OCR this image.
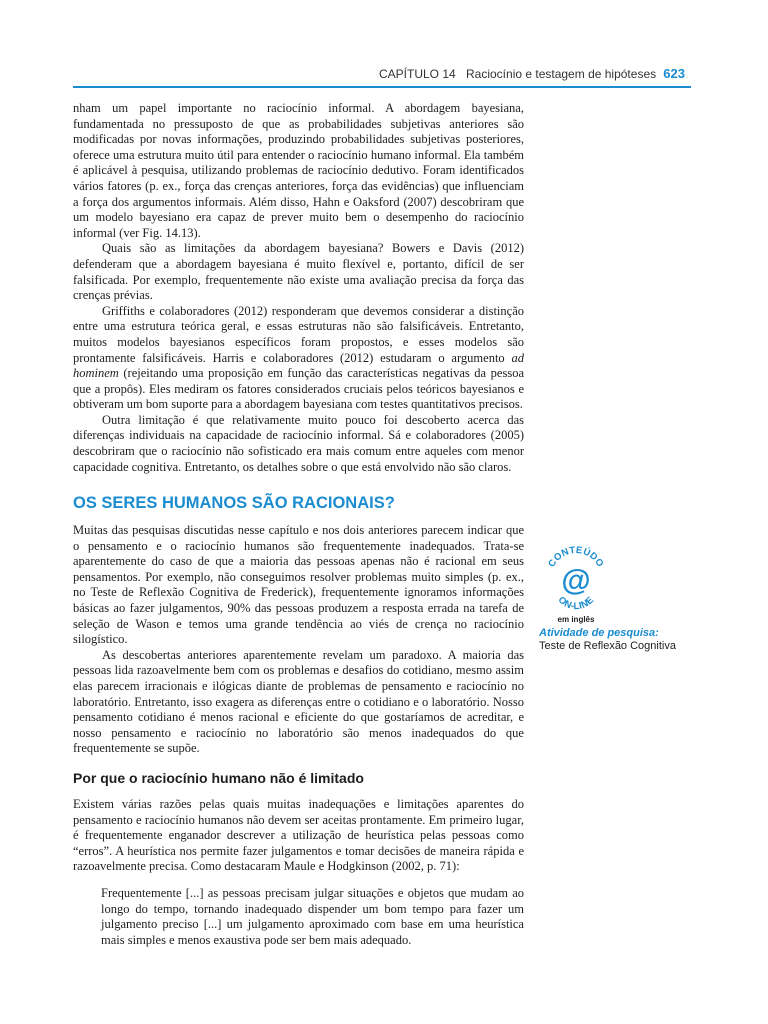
CAPÍTULO 14 Raciocínio e testagem de hipóteses 623

nham um papel importante no raciocínio informal. A abordagem bayesiana, fundamentada no pressuposto de que as probabilidades subjetivas anteriores são modificadas por novas informações, produzindo probabilidades subjetivas posteriores, oferece uma estrutura muito útil para entender o raciocínio humano informal. Ela também é aplicável à pesquisa, utilizando problemas de raciocínio dedutivo. Foram identificados vários fatores (p. ex., força das crenças anteriores, força das evidências) que influenciam a força dos argumentos informais. Além disso, Hahn e Oaksford (2007) descobriram que um modelo bayesiano era capaz de prever muito bem o desempenho do raciocínio informal (ver Fig. 14.13).

Quais são as limitações da abordagem bayesiana? Bowers e Davis (2012) defenderam que a abordagem bayesiana é muito flexível e, portanto, difícil de ser falsificada. Por exemplo, frequentemente não existe uma avaliação precisa da força das crenças prévias.

Griffiths e colaboradores (2012) responderam que devemos considerar a distinção entre uma estrutura teórica geral, e essas estruturas não são falsificáveis. Entretanto, muitos modelos bayesianos específicos foram propostos, e esses modelos são prontamente falsificáveis. Harris e colaboradores (2012) estudaram o argumento ad hominem (rejeitando uma proposição em função das características negativas da pessoa que a propôs). Eles mediram os fatores considerados cruciais pelos teóricos bayesianos e obtiveram um bom suporte para a abordagem bayesiana com testes quantitativos precisos.

Outra limitação é que relativamente muito pouco foi descoberto acerca das diferenças individuais na capacidade de raciocínio informal. Sá e colaboradores (2005) descobriram que o raciocínio não sofisticado era mais comum entre aqueles com menor capacidade cognitiva. Entretanto, os detalhes sobre o que está envolvido não são claros.

OS SERES HUMANOS SÃO RACIONAIS?

Muitas das pesquisas discutidas nesse capítulo e nos dois anteriores parecem indicar que o pensamento e o raciocínio humanos são frequentemente inadequados. Trata-se aparentemente do caso de que a maioria das pessoas apenas não é racional em seus pensamentos. Por exemplo, não conseguimos resolver problemas muito simples (p. ex., no Teste de Reflexão Cognitiva de Frederick), frequentemente ignoramos informações básicas ao fazer julgamentos, 90% das pessoas produzem a resposta errada na tarefa de seleção de Wason e temos uma grande tendência ao viés de crença no raciocínio silogístico.

As descobertas anteriores aparentemente revelam um paradoxo. A maioria das pessoas lida razoavelmente bem com os problemas e desafios do cotidiano, mesmo assim elas parecem irracionais e ilógicas diante de problemas de pensamento e raciocínio no laboratório. Entretanto, isso exagera as diferenças entre o cotidiano e o laboratório. Nosso pensamento cotidiano é menos racional e eficiente do que gostaríamos de acreditar, e nosso pensamento e raciocínio no laboratório são menos inadequados do que frequentemente se supõe.

Por que o raciocínio humano não é limitado

Existem várias razões pelas quais muitas inadequações e limitações aparentes do pensamento e raciocínio humanos não devem ser aceitas prontamente. Em primeiro lugar, é frequentemente enganador descrever a utilização de heurística pelas pessoas como “erros”. A heurística nos permite fazer julgamentos e tomar decisões de maneira rápida e razoavelmente precisa. Como destacaram Maule e Hodgkinson (2002, p. 71):

Frequentemente [...] as pessoas precisam julgar situações e objetos que mudam ao longo do tempo, tornando inadequado dispender um bom tempo para fazer um julgamento preciso [...] um julgamento aproximado com base em uma heurística mais simples e menos exaustiva pode ser bem mais adequado.

CONTEÚDO
@
ON-LINE
em inglês
Atividade de pesquisa:
Teste de Reflexão Cognitiva
